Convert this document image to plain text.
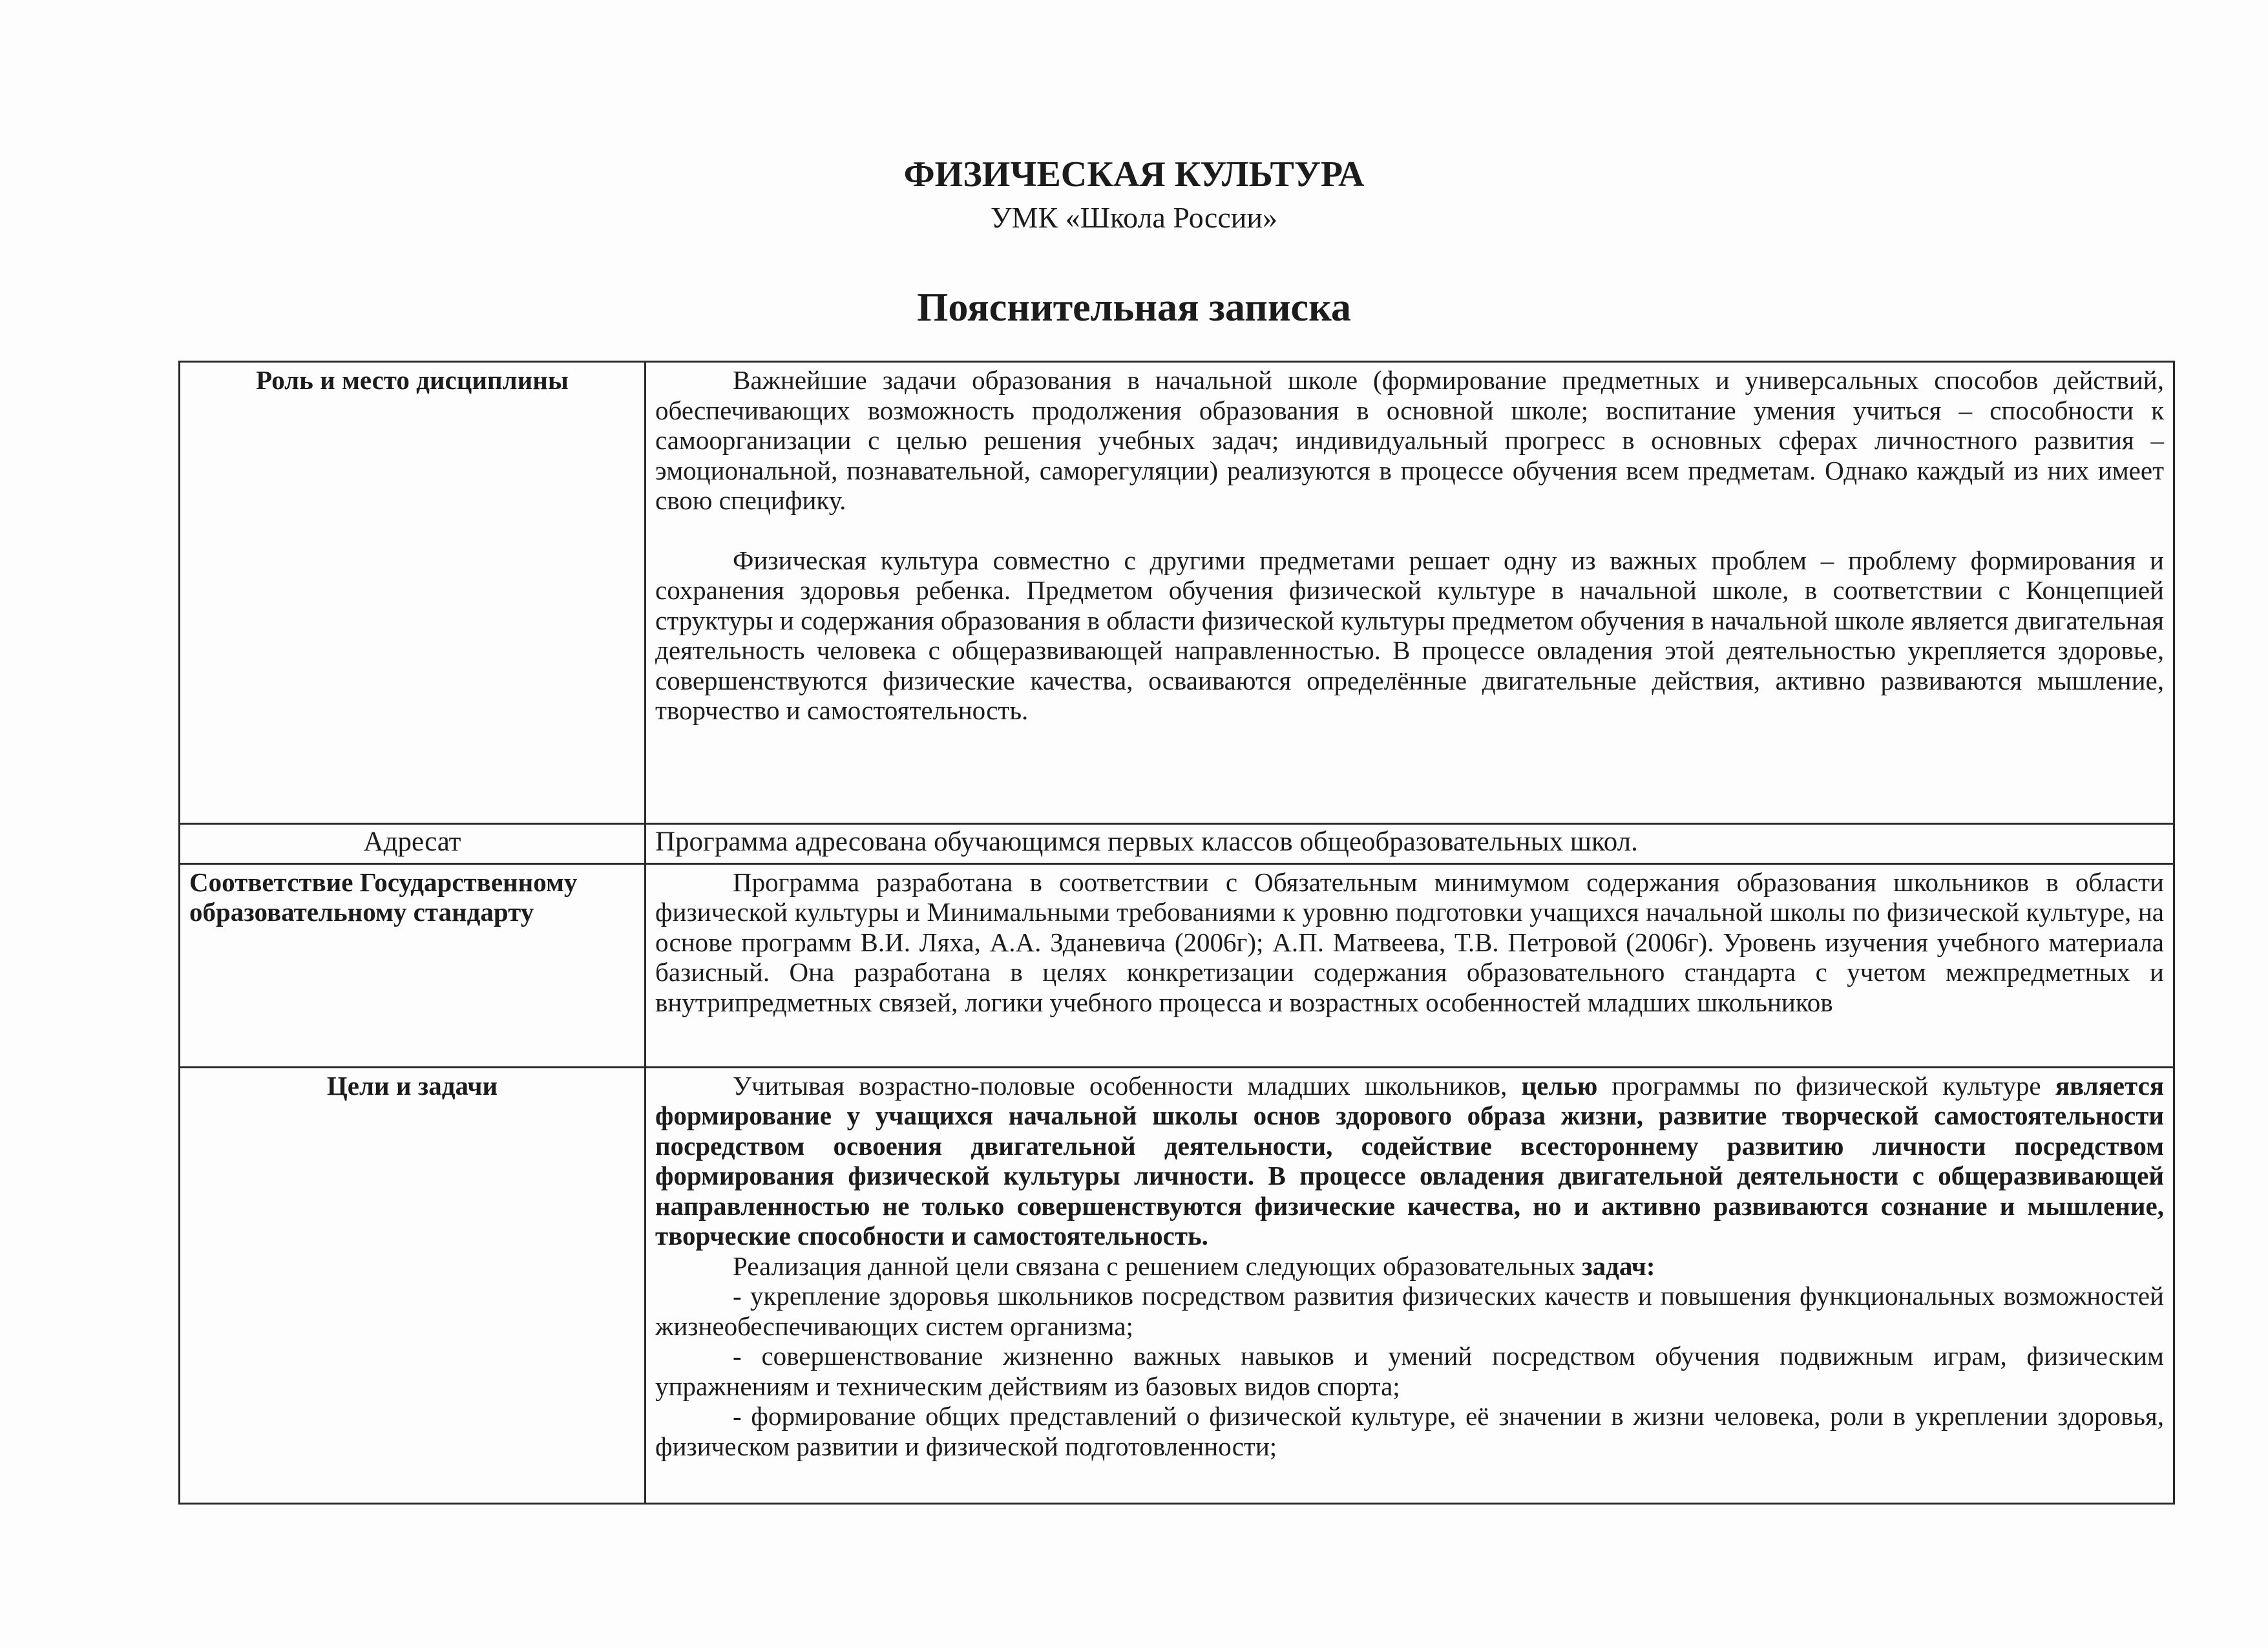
ФИЗИЧЕСКАЯ КУЛЬТУРА
УМК «Школа России»
Пояснительная записка
Роль и место дисциплины	Важнейшие задачи образования в начальной школе (формирование предметных и универсальных способов действий, обеспечивающих возможность продолжения образования в основной школе; воспитание умения учиться – способности к самоорганизации с целью решения учебных задач; индивидуальный прогресс в основных сферах личностного развития – эмоциональной, познавательной, саморегуляции) реализуются в процессе обучения всем предметам. Однако каждый из них имеет свою специфику.

Физическая культура совместно с другими предметами решает одну из важных проблем – проблему формирования и сохранения здоровья ребенка. Предметом обучения физической культуре в начальной школе, в соответствии с Концепцией структуры и содержания образования в области физической культуры предметом обучения в начальной школе является двигательная деятельность человека с общеразвивающей направленностью. В процессе овладения этой деятельностью укрепляется здоровье, совершенствуются физические качества, осваиваются определённые двигательные действия, активно развиваются мышление, творчество и самостоятельность.

Адресат	Программа адресована обучающимся первых классов общеобразовательных школ.

Соответствие Государственному образовательному стандарту	Программа разработана в соответствии с Обязательным минимумом содержания образования школьников в области физической культуры и Минимальными требованиями к уровню подготовки учащихся начальной школы по физической культуре, на основе программ В.И. Ляха, А.А. Зданевича (2006г); А.П. Матвеева, Т.В. Петровой (2006г). Уровень изучения учебного материала базисный. Она разработана в целях конкретизации содержания образовательного стандарта с учетом межпредметных и внутрипредметных связей, логики учебного процесса и возрастных особенностей младших школьников

Цели и задачи	Учитывая возрастно-половые особенности младших школьников, целью программы по физической культуре является формирование у учащихся начальной школы основ здорового образа жизни, развитие творческой самостоятельности посредством освоения двигательной деятельности, содействие всестороннему развитию личности посредством формирования физической культуры личности. В процессе овладения двигательной деятельности с общеразвивающей направленностью не только совершенствуются физические качества, но и активно развиваются сознание и мышление, творческие способности и самостоятельность.

Реализация данной цели связана с решением следующих образовательных задач:

- укрепление здоровья школьников посредством развития физических качеств и повышения функциональных возможностей жизнеобеспечивающих систем организма;

- совершенствование жизненно важных навыков и умений посредством обучения подвижным играм, физическим упражнениям и техническим действиям из базовых видов спорта;

- формирование общих представлений о физической культуре, её значении в жизни человека, роли в укреплении здоровья, физическом развитии и физической подготовленности;
